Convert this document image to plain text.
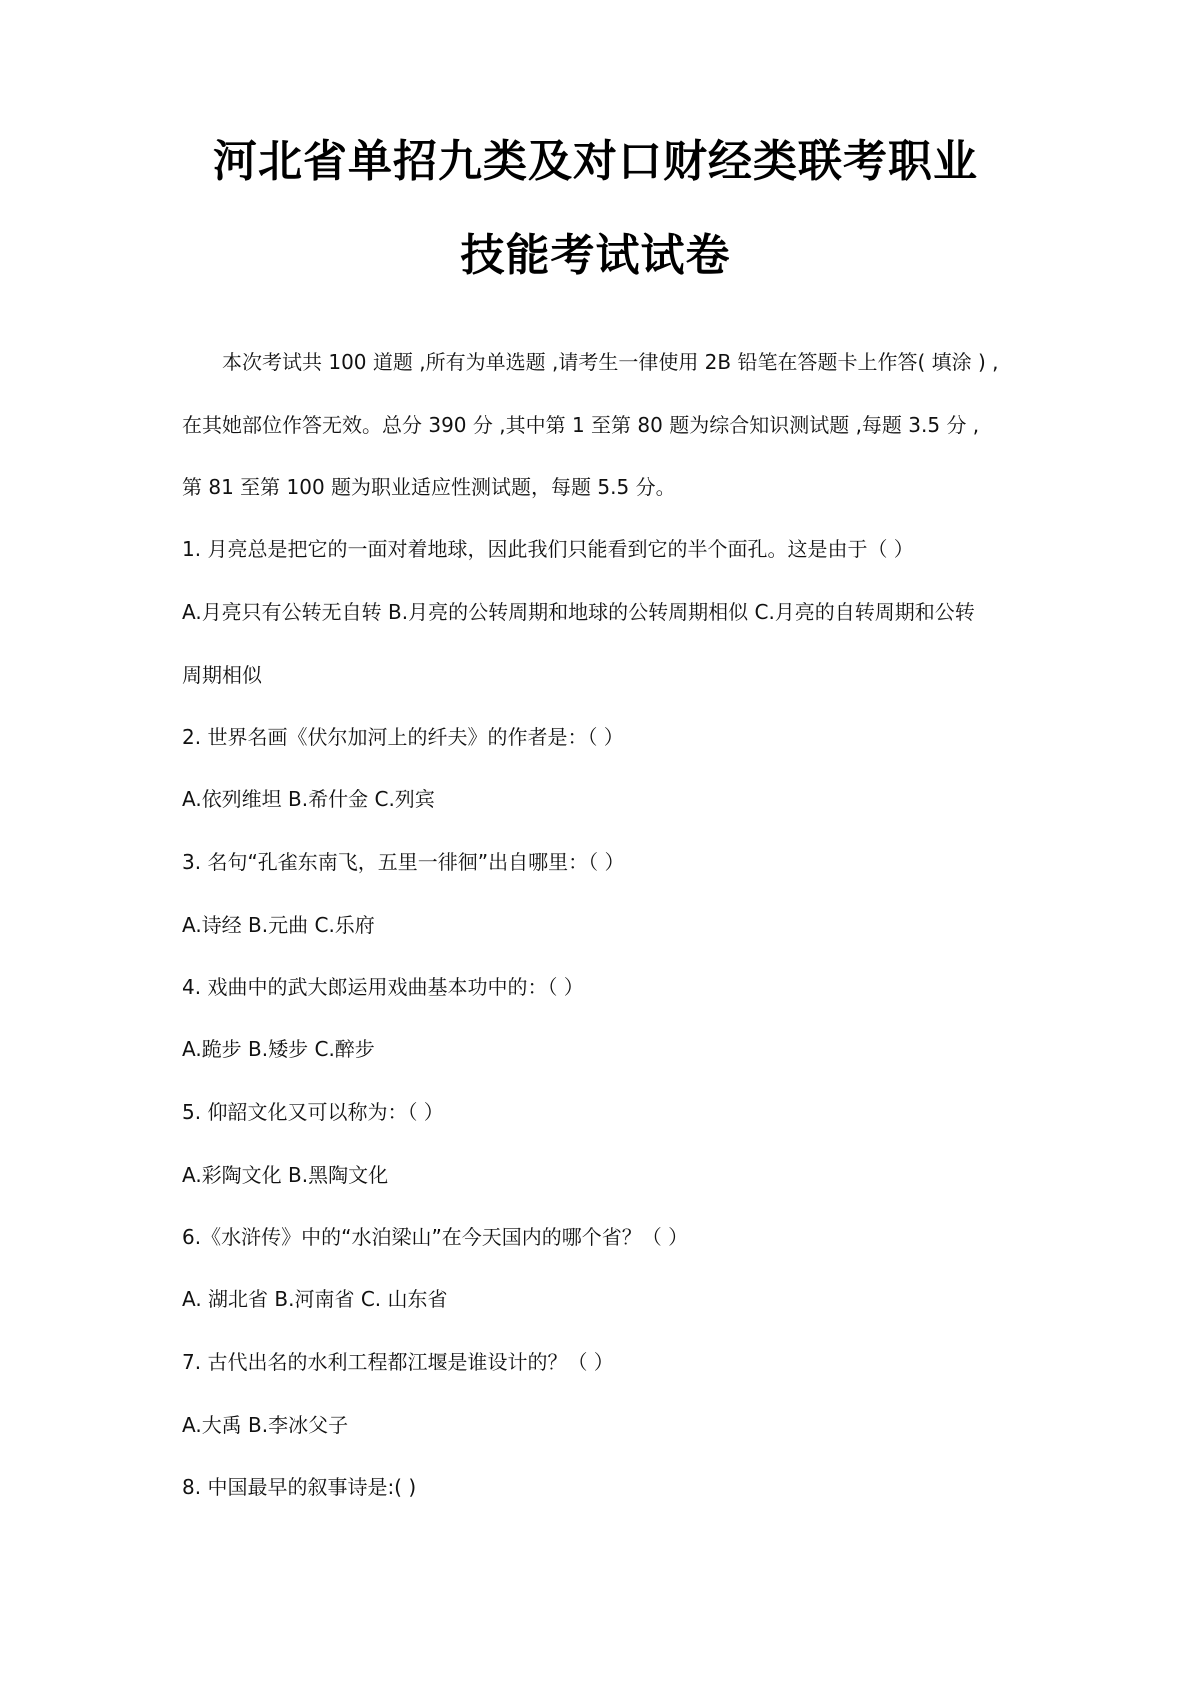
河北省单招九类及对口财经类联考职业
技能考试试卷
本次考试共 100 道题 ,所有为单选题 ,请考生一律使用 2B 铅笔在答题卡上作答( 填涂 ) ,
在其她部位作答无效。总分 390 分 ,其中第 1 至第 80 题为综合知识测试题 ,每题 3.5 分 ,
第 81 至第 100 题为职业适应性测试题，每题 5.5 分。
1. 月亮总是把它的一面对着地球，因此我们只能看到它的半个面孔。这是由于（ ）
A.月亮只有公转无自转 B.月亮的公转周期和地球的公转周期相似 C.月亮的自转周期和公转
周期相似
2. 世界名画《伏尔加河上的纤夫》的作者是：（ ）
A.依列维坦 B.希什金 C.列宾
3. 名句“孔雀东南飞，五里一徘徊”出自哪里：（ ）
A.诗经 B.元曲 C.乐府
4. 戏曲中的武大郎运用戏曲基本功中的：（ ）
A.跪步 B.矮步 C.醉步
5. 仰韶文化又可以称为：（ ）
A.彩陶文化 B.黑陶文化
6.《水浒传》中的“水泊梁山”在今天国内的哪个省？（ ）
A. 湖北省 B.河南省 C. 山东省
7. 古代出名的水利工程都江堰是谁设计的？（ ）
A.大禹 B.李冰父子
8. 中国最早的叙事诗是:( )
